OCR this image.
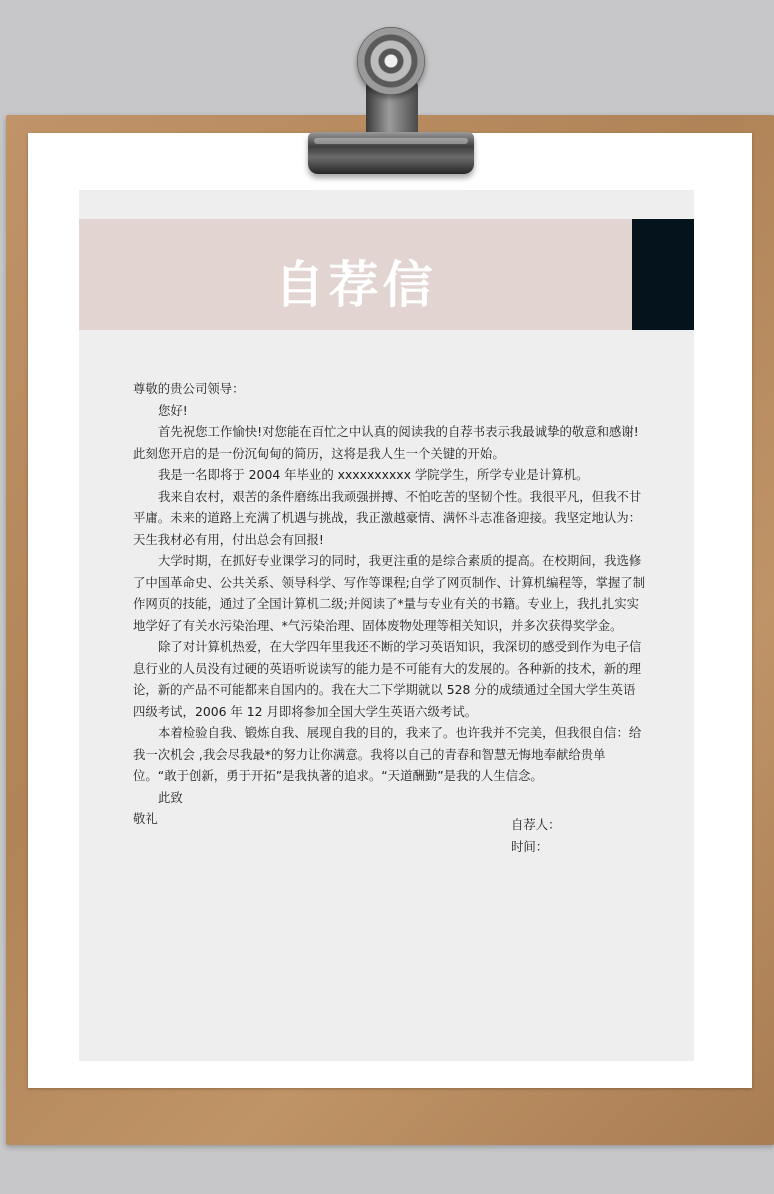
自荐信

尊敬的贵公司领导：

您好!

首先祝您工作愉快!对您能在百忙之中认真的阅读我的自荐书表示我最诚挚的敬意和感谢!此刻您开启的是一份沉甸甸的简历，这将是我人生一个关键的开始。

我是一名即将于 2004 年毕业的 xxxxxxxxxx 学院学生，所学专业是计算机。

我来自农村，艰苦的条件磨练出我顽强拼搏、不怕吃苦的坚韧个性。我很平凡，但我不甘平庸。未来的道路上充满了机遇与挑战，我正激越豪情、满怀斗志准备迎接。我坚定地认为：天生我材必有用，付出总会有回报!

大学时期，在抓好专业课学习的同时，我更注重的是综合素质的提高。在校期间，我选修了中国革命史、公共关系、领导科学、写作等课程;自学了网页制作、计算机编程等，掌握了制作网页的技能，通过了全国计算机二级;并阅读了*量与专业有关的书籍。专业上，我扎扎实实地学好了有关水污染治理、*气污染治理、固体废物处理等相关知识，并多次获得奖学金。

除了对计算机热爱，在大学四年里我还不断的学习英语知识，我深切的感受到作为电子信息行业的人员没有过硬的英语听说读写的能力是不可能有大的发展的。各种新的技术，新的理论，新的产品不可能都来自国内的。我在大二下学期就以 528 分的成绩通过全国大学生英语四级考试，2006 年 12 月即将参加全国大学生英语六级考试。

本着检验自我、锻炼自我、展现自我的目的，我来了。也许我并不完美，但我很自信：给我一次机会 ,我会尽我最*的努力让你满意。我将以自己的青春和智慧无悔地奉献给贵单位。“敢于创新，勇于开拓”是我执著的追求。“天道酬勤”是我的人生信念。

此致

敬礼	自荐人：
时间：
